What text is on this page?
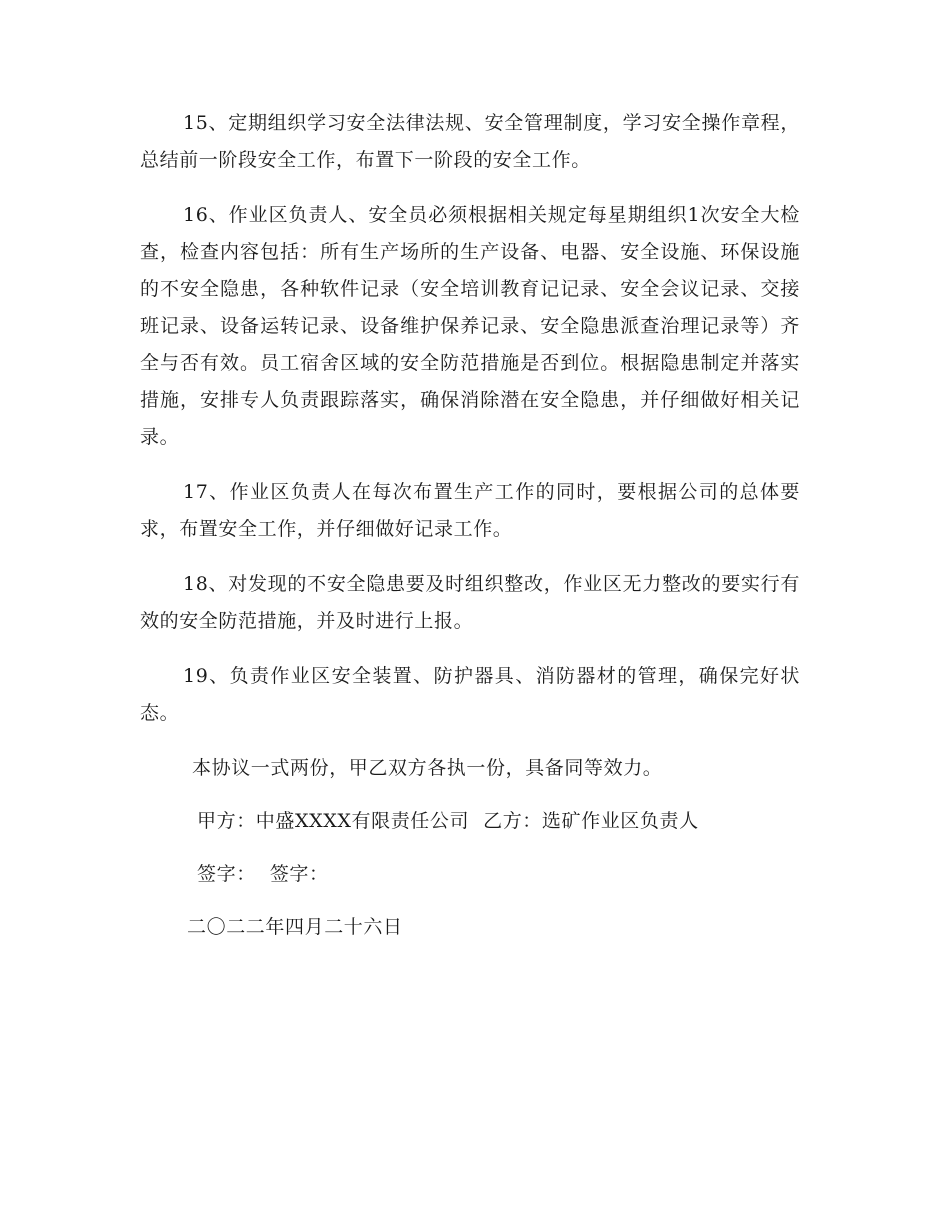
15、定期组织学习安全法律法规、安全管理制度，学习安全操作章程，总结前一阶段安全工作，布置下一阶段的安全工作。

16、作业区负责人、安全员必须根据相关规定每星期组织1次安全大检查，检查内容包括：所有生产场所的生产设备、电器、安全设施、环保设施的不安全隐患，各种软件记录（安全培训教育记记录、安全会议记录、交接班记录、设备运转记录、设备维护保养记录、安全隐患派查治理记录等）齐全与否有效。员工宿舍区域的安全防范措施是否到位。根据隐患制定并落实措施，安排专人负责跟踪落实，确保消除潜在安全隐患，并仔细做好相关记录。

17、作业区负责人在每次布置生产工作的同时，要根据公司的总体要求，布置安全工作，并仔细做好记录工作。

18、对发现的不安全隐患要及时组织整改，作业区无力整改的要实行有效的安全防范措施，并及时进行上报。

19、负责作业区安全装置、防护器具、消防器材的管理，确保完好状态。

本协议一式两份，甲乙双方各执一份，具备同等效力。

甲方：中盛XXXX有限责任公司 乙方：选矿作业区负责人

签字： 签字：

二〇二二年四月二十六日
